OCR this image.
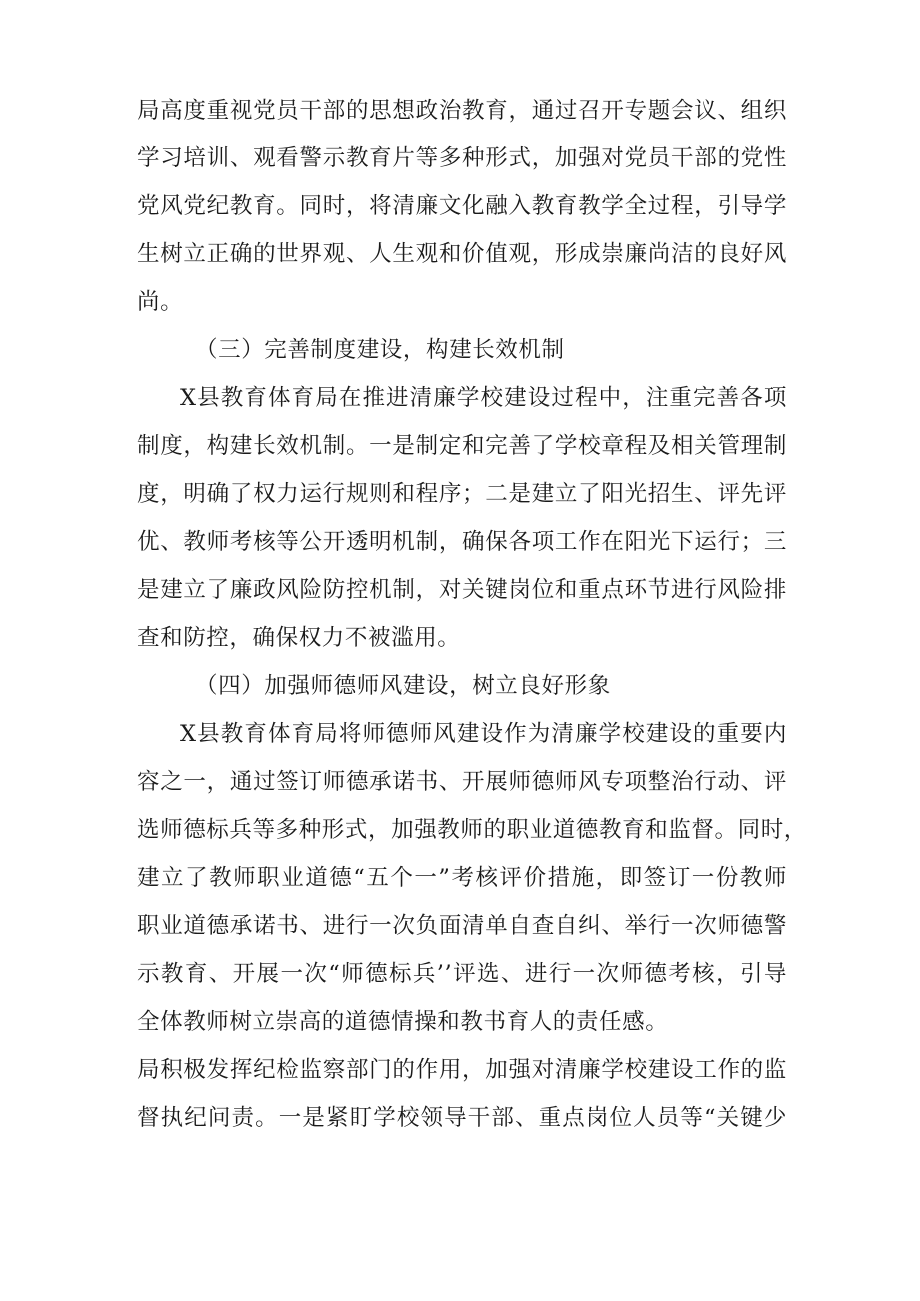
局高度重视党员干部的思想政治教育，通过召开专题会议、组织
学习培训、观看警示教育片等多种形式，加强对党员干部的党性
党风党纪教育。同时，将清廉文化融入教育教学全过程，引导学
生树立正确的世界观、人生观和价值观，形成崇廉尚洁的良好风
尚。
（三）完善制度建设，构建长效机制
X县教育体育局在推进清廉学校建设过程中，注重完善各项
制度，构建长效机制。一是制定和完善了学校章程及相关管理制
度，明确了权力运行规则和程序；二是建立了阳光招生、评先评
优、教师考核等公开透明机制，确保各项工作在阳光下运行；三
是建立了廉政风险防控机制，对关键岗位和重点环节进行风险排
查和防控，确保权力不被滥用。
（四）加强师德师风建设，树立良好形象
X县教育体育局将师德师风建设作为清廉学校建设的重要内
容之一，通过签订师德承诺书、开展师德师风专项整治行动、评
选师德标兵等多种形式，加强教师的职业道德教育和监督。同时，
建立了教师职业道德“五个一”考核评价措施，即签订一份教师
职业道德承诺书、进行一次负面清单自查自纠、举行一次师德警
示教育、开展一次“师德标兵’’评选、进行一次师德考核，引导
全体教师树立崇高的道德情操和教书育人的责任感。
局积极发挥纪检监察部门的作用，加强对清廉学校建设工作的监
督执纪问责。一是紧盯学校领导干部、重点岗位人员等“关键少
